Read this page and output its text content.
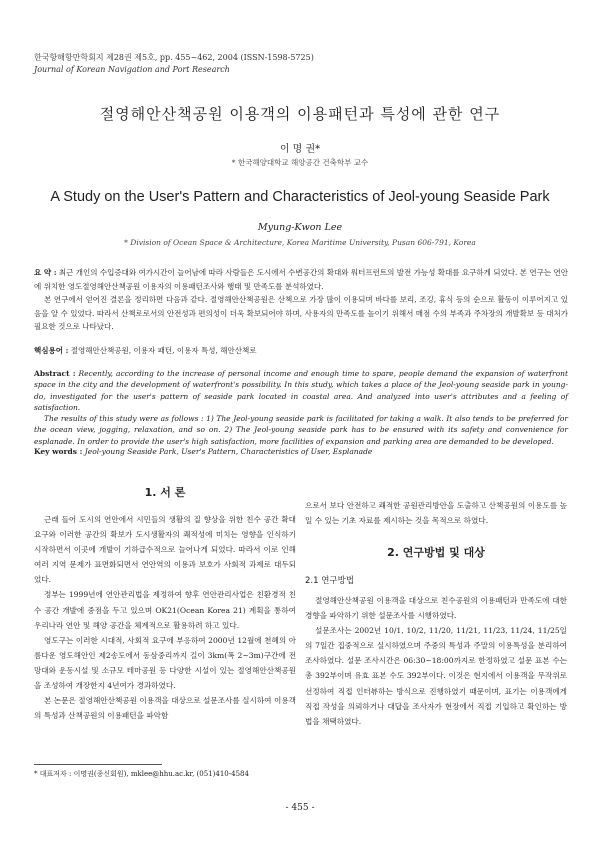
한국항해항만학회지 제28권 제5호, pp. 455~462, 2004 (ISSN-1598-5725)
Journal of Korean Navigation and Port Research
절영해안산책공원 이용객의 이용패턴과 특성에 관한 연구
이 명 권*
* 한국해양대학교 해양공간 건축학부 교수
A Study on the User's Pattern and Characteristics of Jeol-young Seaside Park
Myung-Kwon Lee
* Division of Ocean Space & Architecture, Korea Maritime University, Pusan 606-791, Korea

요 약 : 최근 개인의 수입증대와 여가시간이 늘어남에 따라 사람들은 도시에서 수변공간의 확대와 워터프런트의 발전 가능성 확대를 요구하게 되었다. 본 연구는 연안에 위치한 영도절영해안산책공원 이용자의 이용패턴조사와 행태 및 만족도를 분석하였다.

본 연구에서 얻어진 결론을 정리하면 다음과 같다. 절영해안산책공원은 산책으로 가장 많이 이용되며 바다를 보리, 조깅, 휴식 등의 순으로 활동이 이루어지고 있음을 알 수 있었다. 따라서 산책로로서의 안전성과 편의성이 더욱 확보되어야 하며, 사용자의 만족도를 높이기 위해서 매점 수의 부족과 주차장의 개발확보 등 대처가 필요한 것으로 나타났다.

핵심용어 : 절영해안산책공원, 이용자 패턴, 이용자 특성, 해안산책로

Abstract : Recently, according to the increase of personal income and enough time to spare, people demand the expansion of waterfront space in the city and the development of waterfront's possibility. In this study, which takes a place of the Jeol-young seaside park in young-do, investigated for the user's pattern of seaside park located in coastal area. And analyzed into user's attributes and a feeling of satisfaction.

The results of this study were as follows : 1) The Jeol-young seaside park is facilitated for taking a walk. It also tends to be preferred for the ocean view, jogging, relaxation, and so on. 2) The Jeol-young seaside park has to be ensured with its safety and convenience for esplanade. In order to provide the user's high satisfaction, more facilities of expansion and parking area are demanded to be developed.

Key words : Jeol-young Seaside Park, User's Pattern, Characteristics of User, Esplanade
1. 서 론

근래 들어 도시의 연안에서 시민들의 생활의 질 향상을 위한 친수 공간 확대 요구와 이러한 공간의 확보가 도시생활자의 쾌적성에 미치는 영향을 인식하기 시작하면서 이곳에 개발이 기하급수적으로 늘어나게 되었다. 따라서 이로 인해 여러 지역 문제가 표면화되면서 연안역의 이용과 보호가 사회적 과제로 대두되었다.

정부는 1999년에 연안관리법을 제정하여 향후 연안관리사업은 친환경적 친수 공간 개발에 중점을 두고 있으며 OK21(Ocean Korea 21) 계획을 통하여 우리나라 연안 및 해양 공간을 체계적으로 활용하려 하고 있다.

영도구는 이러한 시대적, 사회적 요구에 부응하여 2000년 12월에 천혜의 아름다운 영도해안인 제2송도에서 동삼중리까지 길이 3km(폭 2~3m)구간에 전망대와 운동시설 및 소규모 테마공원 등 다양한 시설이 있는 절영해안산책공원을 조성하여 개장한지 4년여가 경과하였다.

본 논문은 절영해안산책공원 이용객을 대상으로 설문조사를 실시하여 이용객의 특성과 산책공원의 이용패턴을 파악함

으로서 보다 안전하고 쾌적한 공원관리방안을 도출하고 산책공원의 이용도를 높일 수 있는 기초 자료를 제시하는 것을 목적으로 하였다.

2. 연구방법 및 대상
2.1 연구방법

절영해안산책공원 이용객을 대상으로 친수공원의 이용패턴과 만족도에 대한 경향을 파악하기 위한 설문조사를 시행하였다.

설문조사는 2002년 10/1, 10/2, 11/20, 11/21, 11/23, 11/24, 11/25일의 7일간 집중적으로 실시하였으며 주중의 특성과 주말의 이용특성을 분리하여 조사하였다. 설문 조사시간은 06:30~18:00까지로 한정하였고 설문 표본 수는 총 392부이며 유효 표본 수도 392부이다. 이것은 현지에서 이용객을 무작위로 선정하여 직접 인터뷰하는 방식으로 진행하였기 때문이며, 표기는 이용객에게 직접 작성을 의뢰하거나 대답을 조사자가 현장에서 직접 기입하고 확인하는 방법을 채택하였다.

* 대표저자 : 이명권(종신회원), mklee@hhu.ac.kr, (051)410-4584
- 455 -
